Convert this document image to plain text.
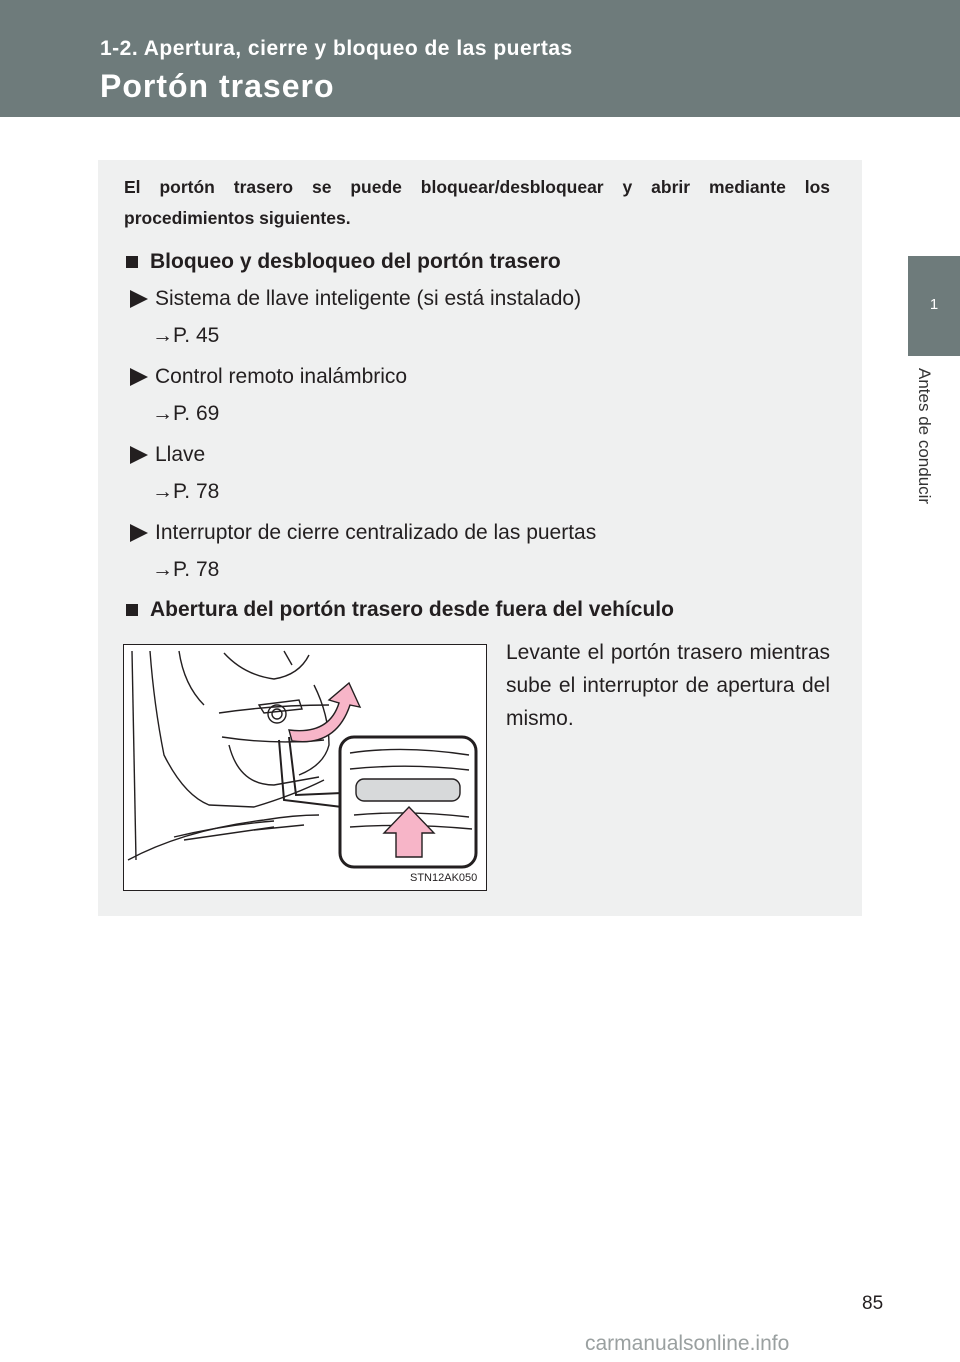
1-2. Apertura, cierre y bloqueo de las puertas
Portón trasero
1
Antes de conducir
El portón trasero se puede bloquear/desbloquear y abrir mediante los procedimientos siguientes.
Bloqueo y desbloqueo del portón trasero
Sistema de llave inteligente (si está instalado)
→P. 45
Control remoto inalámbrico
→P. 69
Llave
→P. 78
Interruptor de cierre centralizado de las puertas
→P. 78
Abertura del portón trasero desde fuera del vehículo
STN12AK050
Levante el portón trasero mientras sube el interruptor de apertura del mismo.
85
carmanualsonline.info
